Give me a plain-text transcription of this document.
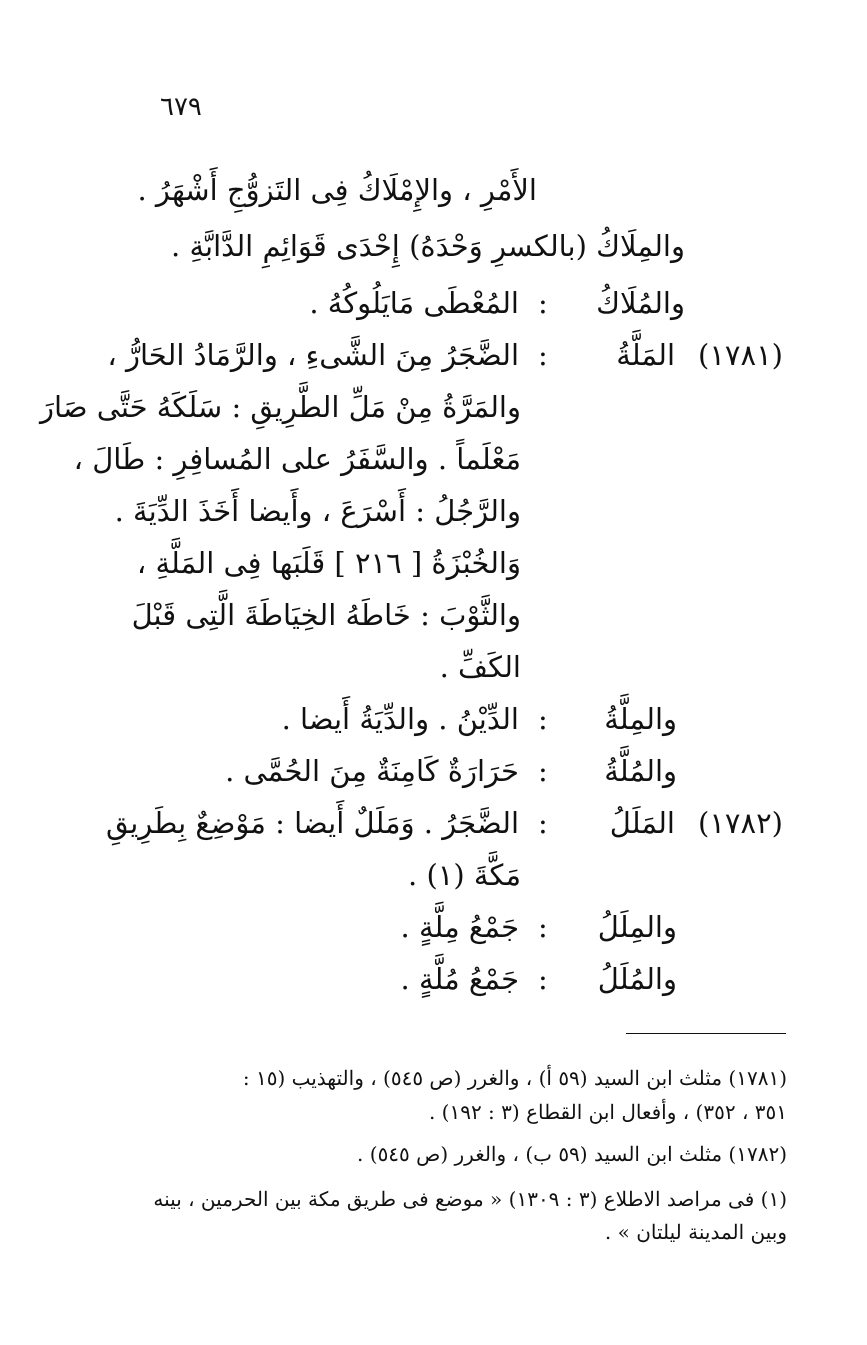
٦٧٩
الأَمْرِ ، والإِمْلَاكُ فِى التَزوُّجِ أَشْهَرُ .
والمِلَاكُ (بالكسرِ وَحْدَهُ) إِحْدَى قَوَائِمِ الدَّابَّةِ .
والمُلَاكُ
:
المُعْطَى مَايَلُوكُهُ .
(١٧٨١)
المَلَّةُ
:
الضَّجَرُ مِنَ الشَّىءِ ، والرَّمَادُ الحَارُّ ،
والمَرَّةُ مِنْ مَلِّ الطَّرِيقِ : سَلَكَهُ حَتَّى صَارَ
مَعْلَماً . والسَّفَرُ على المُسافِرِ : طَالَ ،
والرَّجُلُ : أَسْرَعَ ، وأَيضا أَخَذَ الدِّيَةَ .
وَالخُبْزَةُ [ ٢١٦ ] قَلَبَها فِى المَلَّةِ ،
والثَّوْبَ : خَاطَهُ الخِيَاطَةَ الَّتِى قَبْلَ
الكَفِّ .
والمِلَّةُ
:
الدِّيْنُ . والدِّيَةُ أَيضا .
والمُلَّةُ
:
حَرَارَةٌ كَامِنَةٌ مِنَ الحُمَّى .
(١٧٨٢)
المَلَلُ
:
الضَّجَرُ . وَمَلَلٌ أَيضا : مَوْضِعٌ بِطَرِيقِ
مَكَّةَ (١) .
والمِلَلُ
:
جَمْعُ مِلَّةٍ .
والمُلَلُ
:
جَمْعُ مُلَّةٍ .
(١٧٨١) مثلث ابن السيد (٥٩ أ) ، والغرر (ص ٥٤٥) ، والتهذيب (١٥ :
٣٥١ ، ٣٥٢) ، وأفعال ابن القطاع (٣ : ١٩٢) .
(١٧٨٢) مثلث ابن السيد (٥٩ ب) ، والغرر (ص ٥٤٥) .
(١) فى مراصد الاطلاع (٣ : ١٣٠٩) « موضع فى طريق مكة بين الحرمين ، بينه
وبين المدينة ليلتان » .
